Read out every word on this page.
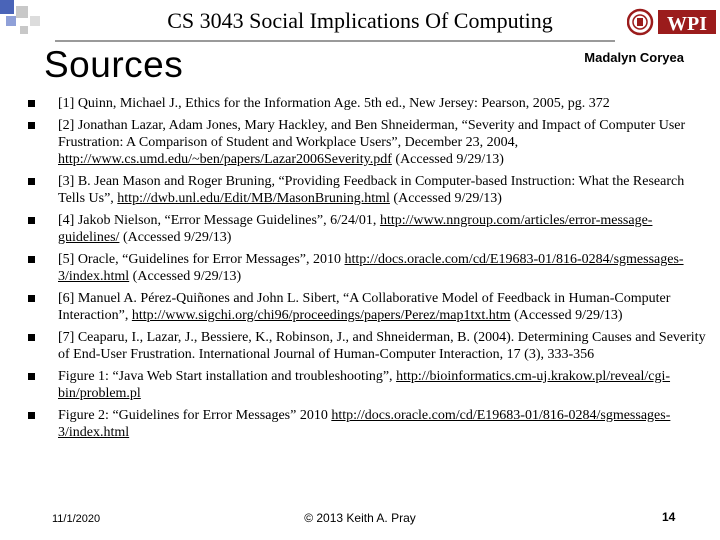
CS 3043 Social Implications Of Computing	WPI
Sources	Madalyn Coryea
[1] Quinn, Michael J., Ethics for the Information Age. 5th ed., New Jersey: Pearson, 2005, pg. 372
[2] Jonathan Lazar, Adam Jones, Mary Hackley, and Ben Shneiderman, “Severity and Impact of Computer User Frustration: A Comparison of Student and Workplace Users”, December 23, 2004, http://www.cs.umd.edu/~ben/papers/Lazar2006Severity.pdf (Accessed 9/29/13)
[3] B. Jean Mason and Roger Bruning, “Providing Feedback in Computer-based Instruction: What the Research Tells Us”, http://dwb.unl.edu/Edit/MB/MasonBruning.html (Accessed 9/29/13)
[4] Jakob Nielson, “Error Message Guidelines”, 6/24/01, http://www.nngroup.com/articles/error-message-guidelines/ (Accessed 9/29/13)
[5] Oracle, “Guidelines for Error Messages”, 2010 http://docs.oracle.com/cd/E19683-01/816-0284/sgmessages-3/index.html (Accessed 9/29/13)
[6] Manuel A. Pérez-Quiñones and John L. Sibert, “A Collaborative Model of Feedback in Human-Computer Interaction”, http://www.sigchi.org/chi96/proceedings/papers/Perez/map1txt.htm (Accessed 9/29/13)
[7] Ceaparu, I., Lazar, J., Bessiere, K., Robinson, J., and Shneiderman, B. (2004). Determining Causes and Severity of End-User Frustration. International Journal of Human-Computer Interaction, 17 (3), 333-356
Figure 1: “Java Web Start installation and troubleshooting”, http://bioinformatics.cm-uj.krakow.pl/reveal/cgi-bin/problem.pl
Figure 2: “Guidelines for Error Messages” 2010 http://docs.oracle.com/cd/E19683-01/816-0284/sgmessages-3/index.html
11/1/2020	© 2013 Keith A. Pray	14
